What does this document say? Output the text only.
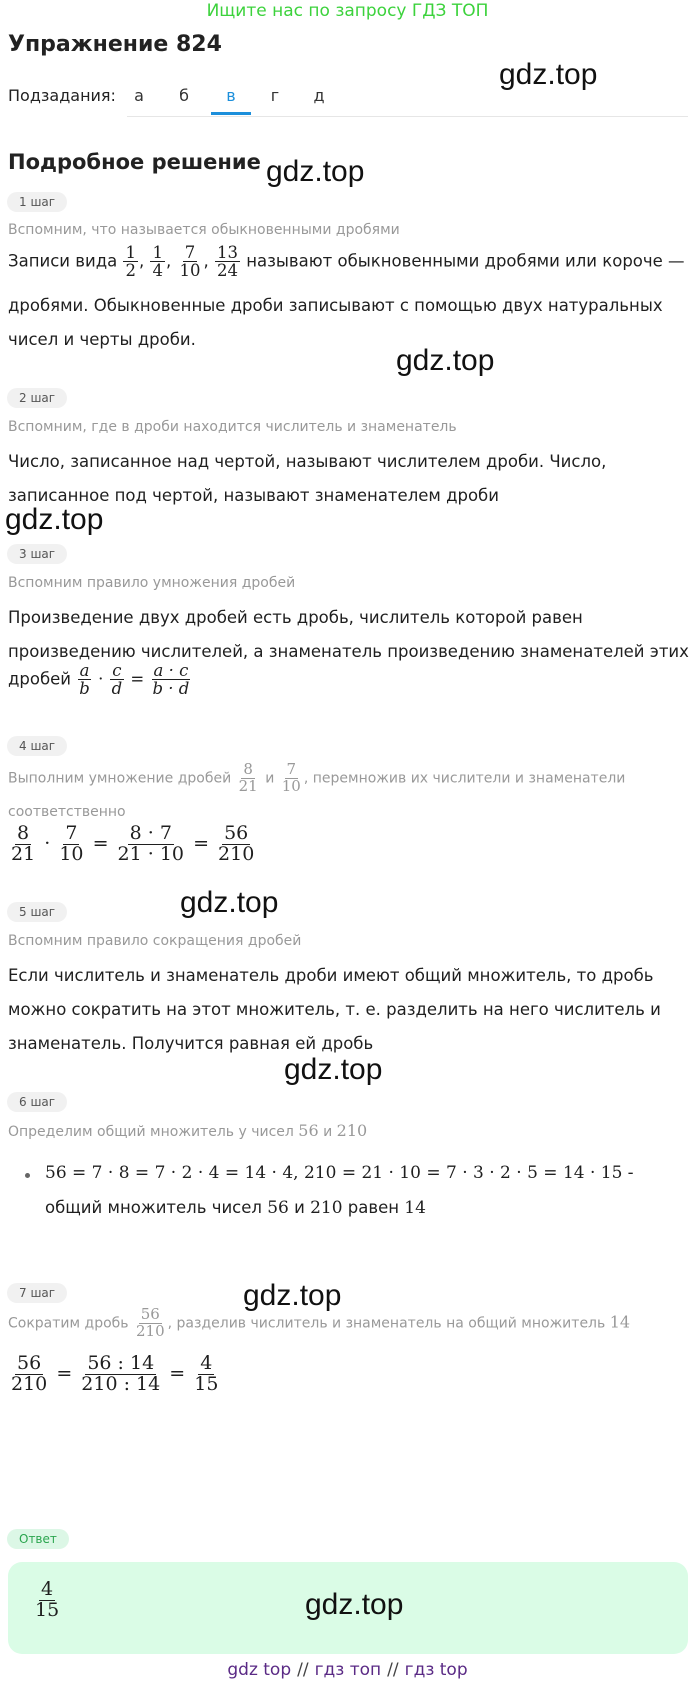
Ищите нас по запросу ГДЗ ТОП
Упражнение 824
Подзадания:	а	б	в	г	д
gdz.top
gdz.top
gdz.top
gdz.top
gdz.top
gdz.top
gdz.top
Подробное решение
1 шаг
Вспомним, что называется обыкновенными дробями
Записи вида $\frac{1}{2}$ , $\frac{1}{4}$ , $\frac{7}{10}$ , $\frac{13}{24}$ называют обыкновенными дробями или короче —
дробями. Обыкновенные дроби записывают с помощью двух натуральных
чисел и черты дроби.
2 шаг
Вспомним, где в дроби находится числитель и знаменатель
Число, записанное над чертой, называют числителем дроби. Число,
записанное под чертой, называют знаменателем дроби
3 шаг
Вспомним правило умножения дробей
Произведение двух дробей есть дробь, числитель которой равен
произведению числителей, а знаменатель произведению знаменателей этих
дробей $\frac{a}{b} \cdot \frac{c}{d} = \frac{a \cdot c}{b \cdot d}$
4 шаг
Выполним умножение дробей $\frac{8}{21}$ и $\frac{7}{10}$ , перемножив их числители и знаменатели
соответственно
$\frac{8}{21} \cdot \frac{7}{10} = \frac{8 \cdot 7}{21 \cdot 10} = \frac{56}{210}$
5 шаг
Вспомним правило сокращения дробей
Если числитель и знаменатель дроби имеют общий множитель, то дробь
можно сократить на этот множитель, т. е. разделить на него числитель и
знаменатель. Получится равная ей дробь
6 шаг
Определим общий множитель у чисел 56 и 210
56 = 7 · 8 = 7 · 2 · 4 = 14 · 4, 210 = 21 · 10 = 7 · 3 · 2 · 5 = 14 · 15 -
общий множитель чисел 56 и 210 равен 14
7 шаг
Сократим дробь $\frac{56}{210}$ , разделив числитель и знаменатель на общий множитель 14
$\frac{56}{210} = \frac{56 : 14}{210 : 14} = \frac{4}{15}$
Ответ
$\frac{4}{15}$	gdz.top
gdz top // гдз топ // гдз top
